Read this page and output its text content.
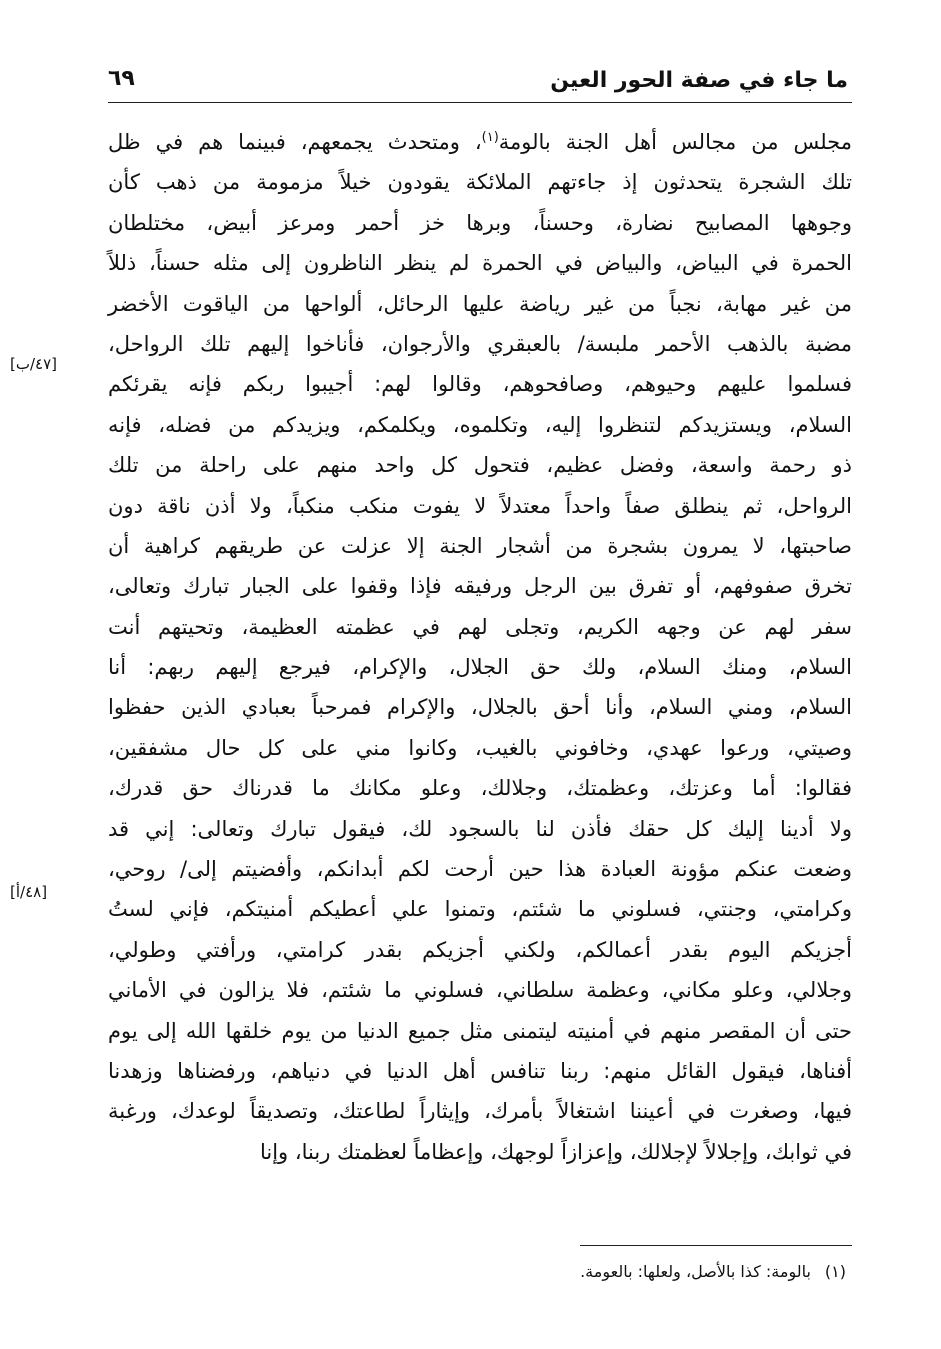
ما جاء في صفة الحور العين
٦٩
مجلس من مجالس أهل الجنة بالومة$^{(١)}$، ومتحدث يجمعهم، فبينما هم في ظل
تلك الشجرة يتحدثون إذ جاءتهم الملائكة يقودون خيلاً مزمومة من ذهب كأن
وجوهها المصابيح نضارة، وحسناً، وبرها خز أحمر ومرعز أبيض، مختلطان
الحمرة في البياض، والبياض في الحمرة لم ينظر الناظرون إلى مثله حسناً، ذللاً
من غير مهابة، نجباً من غير رياضة عليها الرحائل، ألواحها من الياقوت الأخضر
مضبة بالذهب الأحمر ملبسة/ بالعبقري والأرجوان، فأناخوا إليهم تلك الرواحل،
فسلموا عليهم وحيوهم، وصافحوهم، وقالوا لهم: أجيبوا ربكم فإنه يقرئكم
السلام، ويستزيدكم لتنظروا إليه، وتكلموه، ويكلمكم، ويزيدكم من فضله، فإنه
ذو رحمة واسعة، وفضل عظيم، فتحول كل واحد منهم على راحلة من تلك
الرواحل، ثم ينطلق صفاً واحداً معتدلاً لا يفوت منكب منكباً، ولا أذن ناقة دون
صاحبتها، لا يمرون بشجرة من أشجار الجنة إلا عزلت عن طريقهم كراهية أن
تخرق صفوفهم، أو تفرق بين الرجل ورفيقه فإذا وقفوا على الجبار تبارك وتعالى،
سفر لهم عن وجهه الكريم، وتجلى لهم في عظمته العظيمة، وتحيتهم أنت
السلام، ومنك السلام، ولك حق الجلال، والإكرام، فيرجع إليهم ربهم: أنا
السلام، ومني السلام، وأنا أحق بالجلال، والإكرام فمرحباً بعبادي الذين حفظوا
وصيتي، ورعوا عهدي، وخافوني بالغيب، وكانوا مني على كل حال مشفقين،
فقالوا: أما وعزتك، وعظمتك، وجلالك، وعلو مكانك ما قدرناك حق قدرك،
ولا أدينا إليك كل حقك فأذن لنا بالسجود لك، فيقول تبارك وتعالى: إني قد
وضعت عنكم مؤونة العبادة هذا حين أرحت لكم أبدانكم، وأفضيتم إلى/ روحي،
وكرامتي، وجنتي، فسلوني ما شئتم، وتمنوا علي أعطيكم أمنيتكم، فإني لستُ
أجزيكم اليوم بقدر أعمالكم، ولكني أجزيكم بقدر كرامتي، ورأفتي وطولي،
وجلالي، وعلو مكاني، وعظمة سلطاني، فسلوني ما شئتم، فلا يزالون في الأماني
حتى أن المقصر منهم في أمنيته ليتمنى مثل جميع الدنيا من يوم خلقها الله إلى يوم
أفناها، فيقول القائل منهم: ربنا تنافس أهل الدنيا في دنياهم، ورفضناها وزهدنا
فيها، وصغرت في أعيننا اشتغالاً بأمرك، وإيثاراً لطاعتك، وتصديقاً لوعدك، ورغبة
في ثوابك، وإجلالاً لإجلالك، وإعزازاً لوجهك، وإعظاماً لعظمتك ربنا، وإنا
[٤٧/ب]
[٤٨/أ]
(١)بالومة: كذا بالأصل، ولعلها: بالعومة.
